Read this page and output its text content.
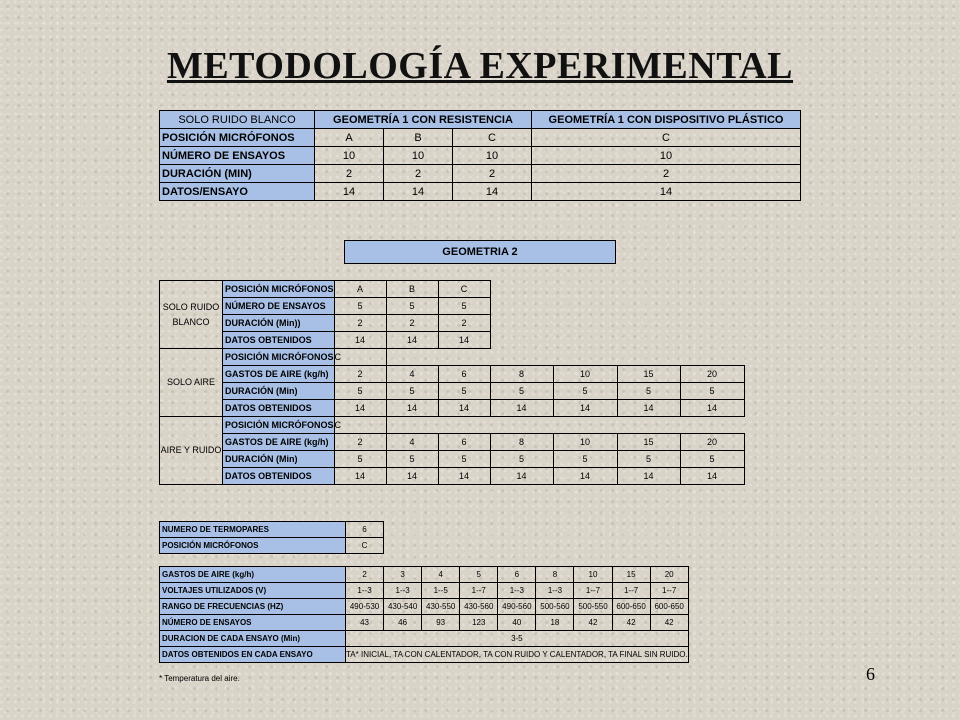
METODOLOGÍA EXPERIMENTAL
SOLO RUIDO BLANCO	GEOMETRÍA 1 CON RESISTENCIA			GEOMETRÍA 1 CON DISPOSITIVO PLÁSTICO
POSICIÓN MICRÓFONOS	A	B	C	C
NÚMERO DE ENSAYOS	10	10	10	10
DURACIÓN (MIN)	2	2	2	2
DATOS/ENSAYO	14	14	14	14
GEOMETRIA 2
SOLO RUIDO BLANCO	POSICIÓN MICRÓFONOS	A	B	C				
	NÚMERO DE ENSAYOS	5	5	5				
	DURACIÓN (Min))	2	2	2				
	DATOS OBTENIDOS	14	14	14				
SOLO AIRE	POSICIÓN MICRÓFONOS	C						
	GASTOS DE AIRE (kg/h)	2	4	6	8	10	15	20
	DURACIÓN (Min)	5	5	5	5	5	5	5
	DATOS OBTENIDOS	14	14	14	14	14	14	14
AIRE Y RUIDO	POSICIÓN MICRÓFONOS	C						
	GASTOS DE AIRE (kg/h)	2	4	6	8	10	15	20
	DURACIÓN (Min)	5	5	5	5	5	5	5
	DATOS OBTENIDOS	14	14	14	14	14	14	14
NUMERO DE TERMOPARES	6
POSICIÓN MICRÓFONOS	C
GASTOS DE AIRE (kg/h)	2	3	4	5	6	8	10	15	20
VOLTAJES UTILIZADOS (V)	1--3	1--3	1--5	1--7	1--3	1--3	1--7	1--7	1--7
RANGO DE FRECUENCIAS (HZ)	490-530	430-540	430-550	430-560	490-560	500-560	500-550	600-650	600-650
NÚMERO DE ENSAYOS	43	46	93	123	40	18	42	42	42
DURACION DE CADA ENSAYO (Min)	3-5								
DATOS OBTENIDOS EN CADA ENSAYO	TA* INICIAL, TA CON CALENTADOR, TA CON RUIDO Y CALENTADOR, TA FINAL SIN RUIDO.								
* Temperatura del aire.	6
